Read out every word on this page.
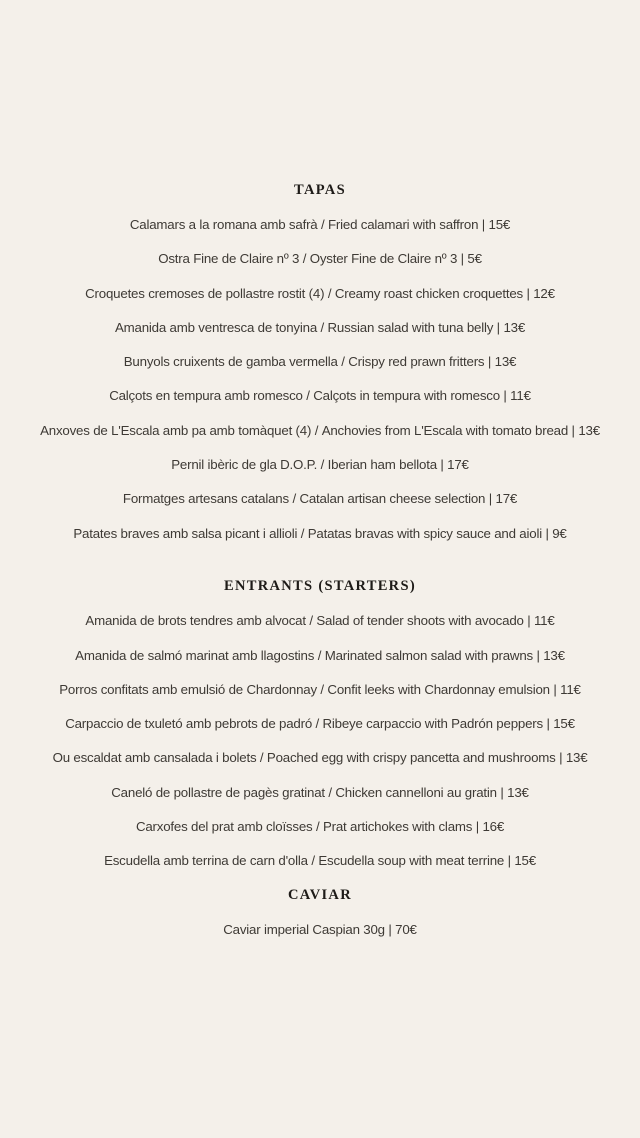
TAPAS
Calamars a la romana amb safrà / Fried calamari with saffron | 15€
Ostra Fine de Claire nº 3 / Oyster Fine de Claire nº 3 | 5€
Croquetes cremoses de pollastre rostit (4) / Creamy roast chicken croquettes | 12€
Amanida amb ventresca de tonyina / Russian salad with tuna belly | 13€
Bunyols cruixents de gamba vermella / Crispy red prawn fritters | 13€
Calçots en tempura amb romesco / Calçots in tempura with romesco | 11€
Anxoves de L'Escala amb pa amb tomàquet (4) / Anchovies from L'Escala with tomato bread | 13€
Pernil ibèric de gla D.O.P. / Iberian ham bellota | 17€
Formatges artesans catalans / Catalan artisan cheese selection | 17€
Patates braves amb salsa picant i allioli / Patatas bravas with spicy sauce and aioli | 9€
ENTRANTS (STARTERS)
Amanida de brots tendres amb alvocat / Salad of tender shoots with avocado | 11€
Amanida de salmó marinat amb llagostins / Marinated salmon salad with prawns | 13€
Porros confitats amb emulsió de Chardonnay / Confit leeks with Chardonnay emulsion | 11€
Carpaccio de txuletó amb pebrots de padró / Ribeye carpaccio with Padrón peppers | 15€
Ou escaldat amb cansalada i bolets / Poached egg with crispy pancetta and mushrooms | 13€
Caneló de pollastre de pagès gratinat / Chicken cannelloni au gratin | 13€
Carxofes del prat amb cloïsses / Prat artichokes with clams | 16€
Escudella amb terrina de carn d'olla / Escudella soup with meat terrine | 15€
CAVIAR
Caviar imperial Caspian 30g | 70€
